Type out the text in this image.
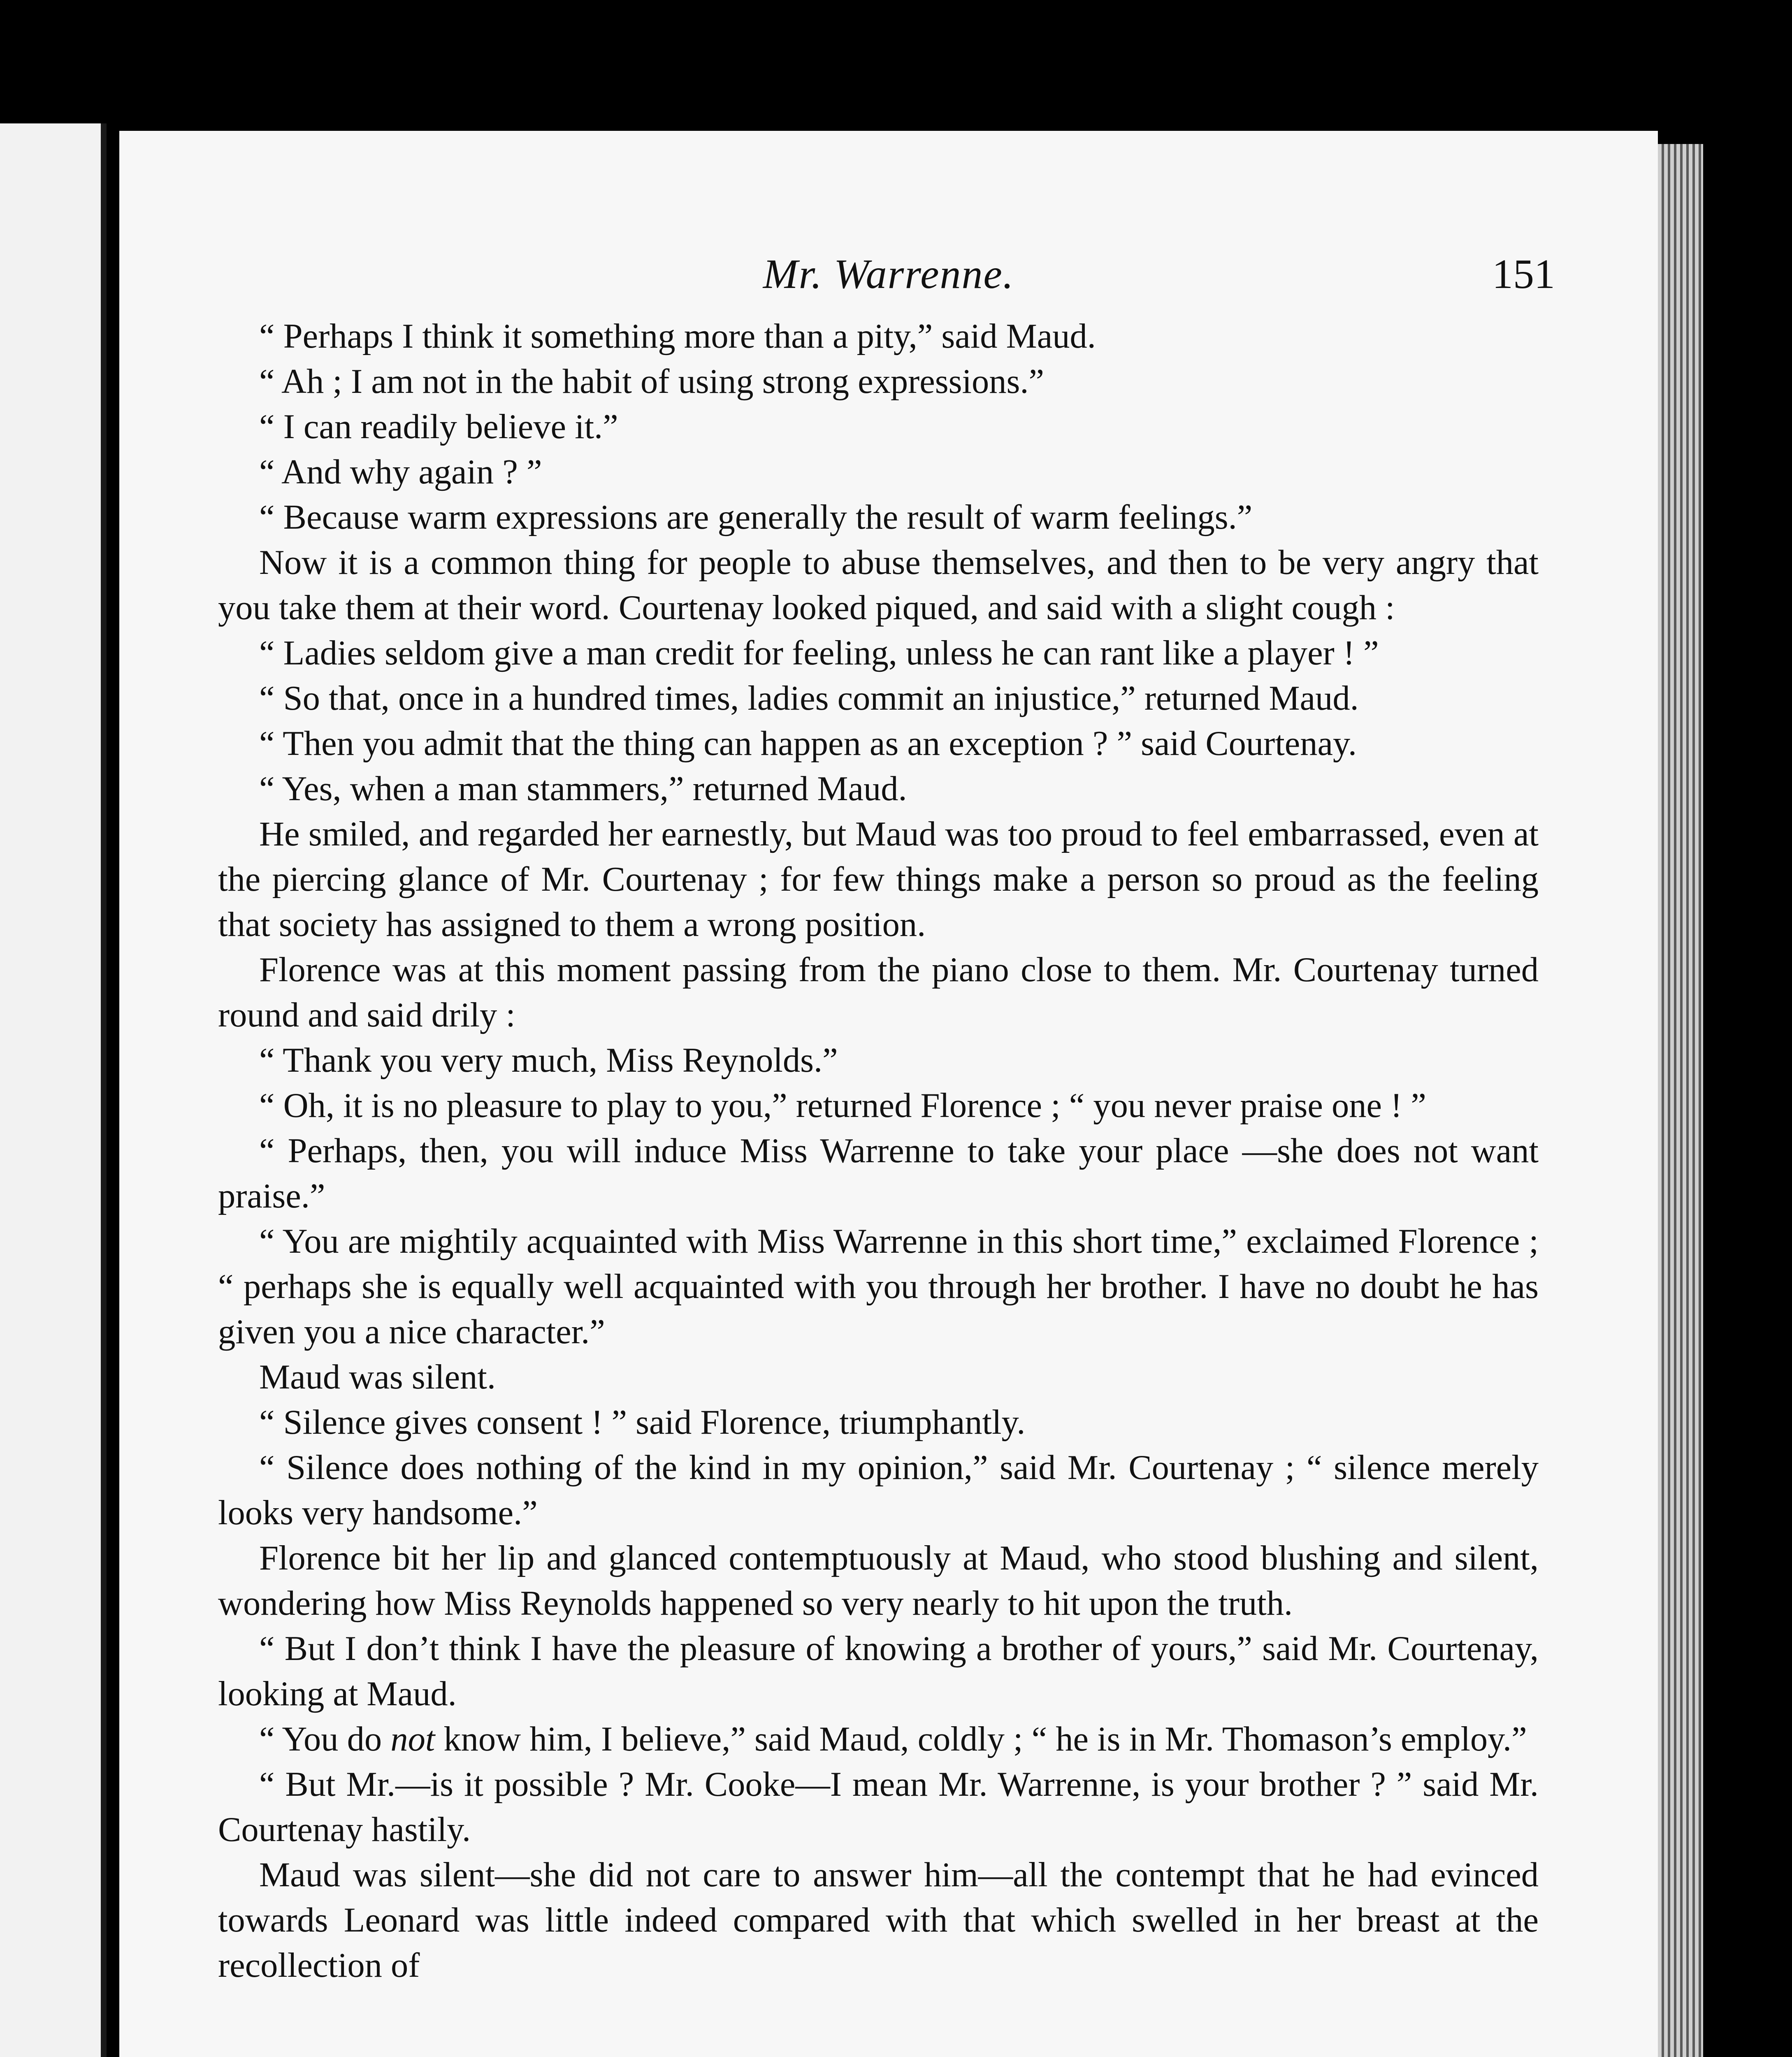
Mr. Warrenne.	151

“ Perhaps I think it something more than a pity,” said Maud.

“ Ah ; I am not in the habit of using strong expressions.”

“ I can readily believe it.”

“ And why again ? ”

“ Because warm expressions are generally the result of warm feelings.”

Now it is a common thing for people to abuse themselves, and then to be very angry that you take them at their word. Courtenay looked piqued, and said with a slight cough :

“ Ladies seldom give a man credit for feeling, unless he can rant like a player ! ”

“ So that, once in a hundred times, ladies commit an injustice,” returned Maud.

“ Then you admit that the thing can happen as an exception ? ” said Courtenay.

“ Yes, when a man stammers,” returned Maud.

He smiled, and regarded her earnestly, but Maud was too proud to feel embarrassed, even at the piercing glance of Mr. Courtenay ; for few things make a person so proud as the feeling that society has assigned to them a wrong position.

Florence was at this moment passing from the piano close to them. Mr. Courtenay turned round and said drily :

“ Thank you very much, Miss Reynolds.”

“ Oh, it is no pleasure to play to you,” returned Florence ; “ you never praise one ! ”

“ Perhaps, then, you will induce Miss Warrenne to take your place —she does not want praise.”

“ You are mightily acquainted with Miss Warrenne in this short time,” exclaimed Florence ; “ perhaps she is equally well acquainted with you through her brother. I have no doubt he has given you a nice character.”

Maud was silent.

“ Silence gives consent ! ” said Florence, triumphantly.

“ Silence does nothing of the kind in my opinion,” said Mr. Courtenay ; “ silence merely looks very handsome.”

Florence bit her lip and glanced contemptuously at Maud, who stood blushing and silent, wondering how Miss Reynolds happened so very nearly to hit upon the truth.

“ But I don’t think I have the pleasure of knowing a brother of yours,” said Mr. Courtenay, looking at Maud.

“ You do not know him, I believe,” said Maud, coldly ; “ he is in Mr. Thomason’s employ.”

“ But Mr.—is it possible ? Mr. Cooke—I mean Mr. Warrenne, is your brother ? ” said Mr. Courtenay hastily.

Maud was silent—she did not care to answer him—all the contempt that he had evinced towards Leonard was little indeed compared with that which swelled in her breast at the recollection of
